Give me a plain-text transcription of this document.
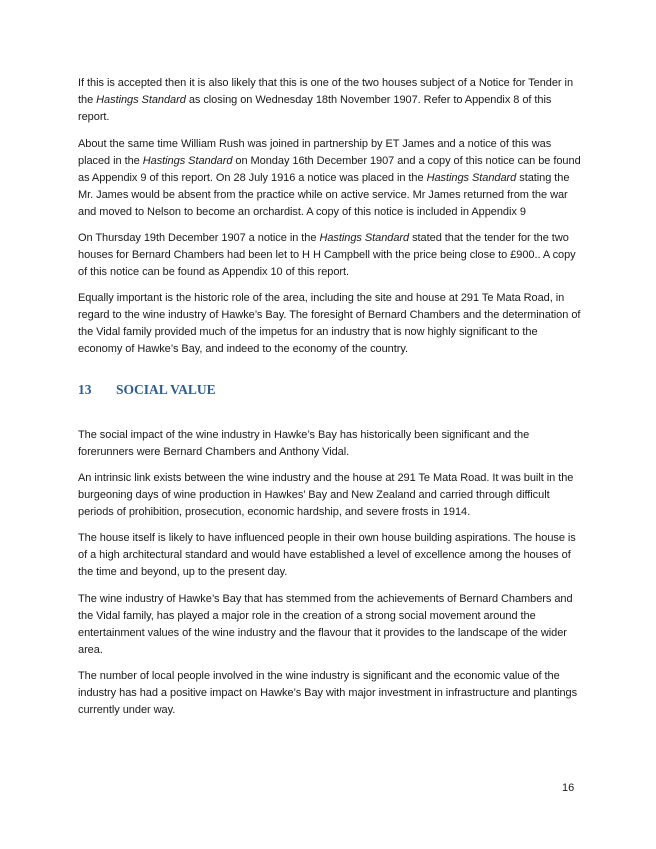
If this is accepted then it is also likely that this is one of the two houses subject of a Notice for Tender in the Hastings Standard as closing on Wednesday 18th November 1907. Refer to Appendix 8 of this report.

About the same time William Rush was joined in partnership by ET James and a notice of this was placed in the Hastings Standard on Monday 16th December 1907 and a copy of this notice can be found as Appendix 9 of this report. On 28 July 1916 a notice was placed in the Hastings Standard stating the Mr. James would be absent from the practice while on active service. Mr James returned from the war and moved to Nelson to become an orchardist. A copy of this notice is included in Appendix 9

On Thursday 19th December 1907 a notice in the Hastings Standard stated that the tender for the two houses for Bernard Chambers had been let to H H Campbell with the price being close to £900.. A copy of this notice can be found as Appendix 10 of this report.

Equally important is the historic role of the area, including the site and house at 291 Te Mata Road, in regard to the wine industry of Hawke’s Bay. The foresight of Bernard Chambers and the determination of the Vidal family provided much of the impetus for an industry that is now highly significant to the economy of Hawke’s Bay, and indeed to the economy of the country.

13 SOCIAL VALUE

The social impact of the wine industry in Hawke’s Bay has historically been significant and the forerunners were Bernard Chambers and Anthony Vidal.

An intrinsic link exists between the wine industry and the house at 291 Te Mata Road. It was built in the burgeoning days of wine production in Hawkes’ Bay and New Zealand and carried through difficult periods of prohibition, prosecution, economic hardship, and severe frosts in 1914.

The house itself is likely to have influenced people in their own house building aspirations. The house is of a high architectural standard and would have established a level of excellence among the houses of the time and beyond, up to the present day.

The wine industry of Hawke’s Bay that has stemmed from the achievements of Bernard Chambers and the Vidal family, has played a major role in the creation of a strong social movement around the entertainment values of the wine industry and the flavour that it provides to the landscape of the wider area.

The number of local people involved in the wine industry is significant and the economic value of the industry has had a positive impact on Hawke’s Bay with major investment in infrastructure and plantings currently under way.

16
